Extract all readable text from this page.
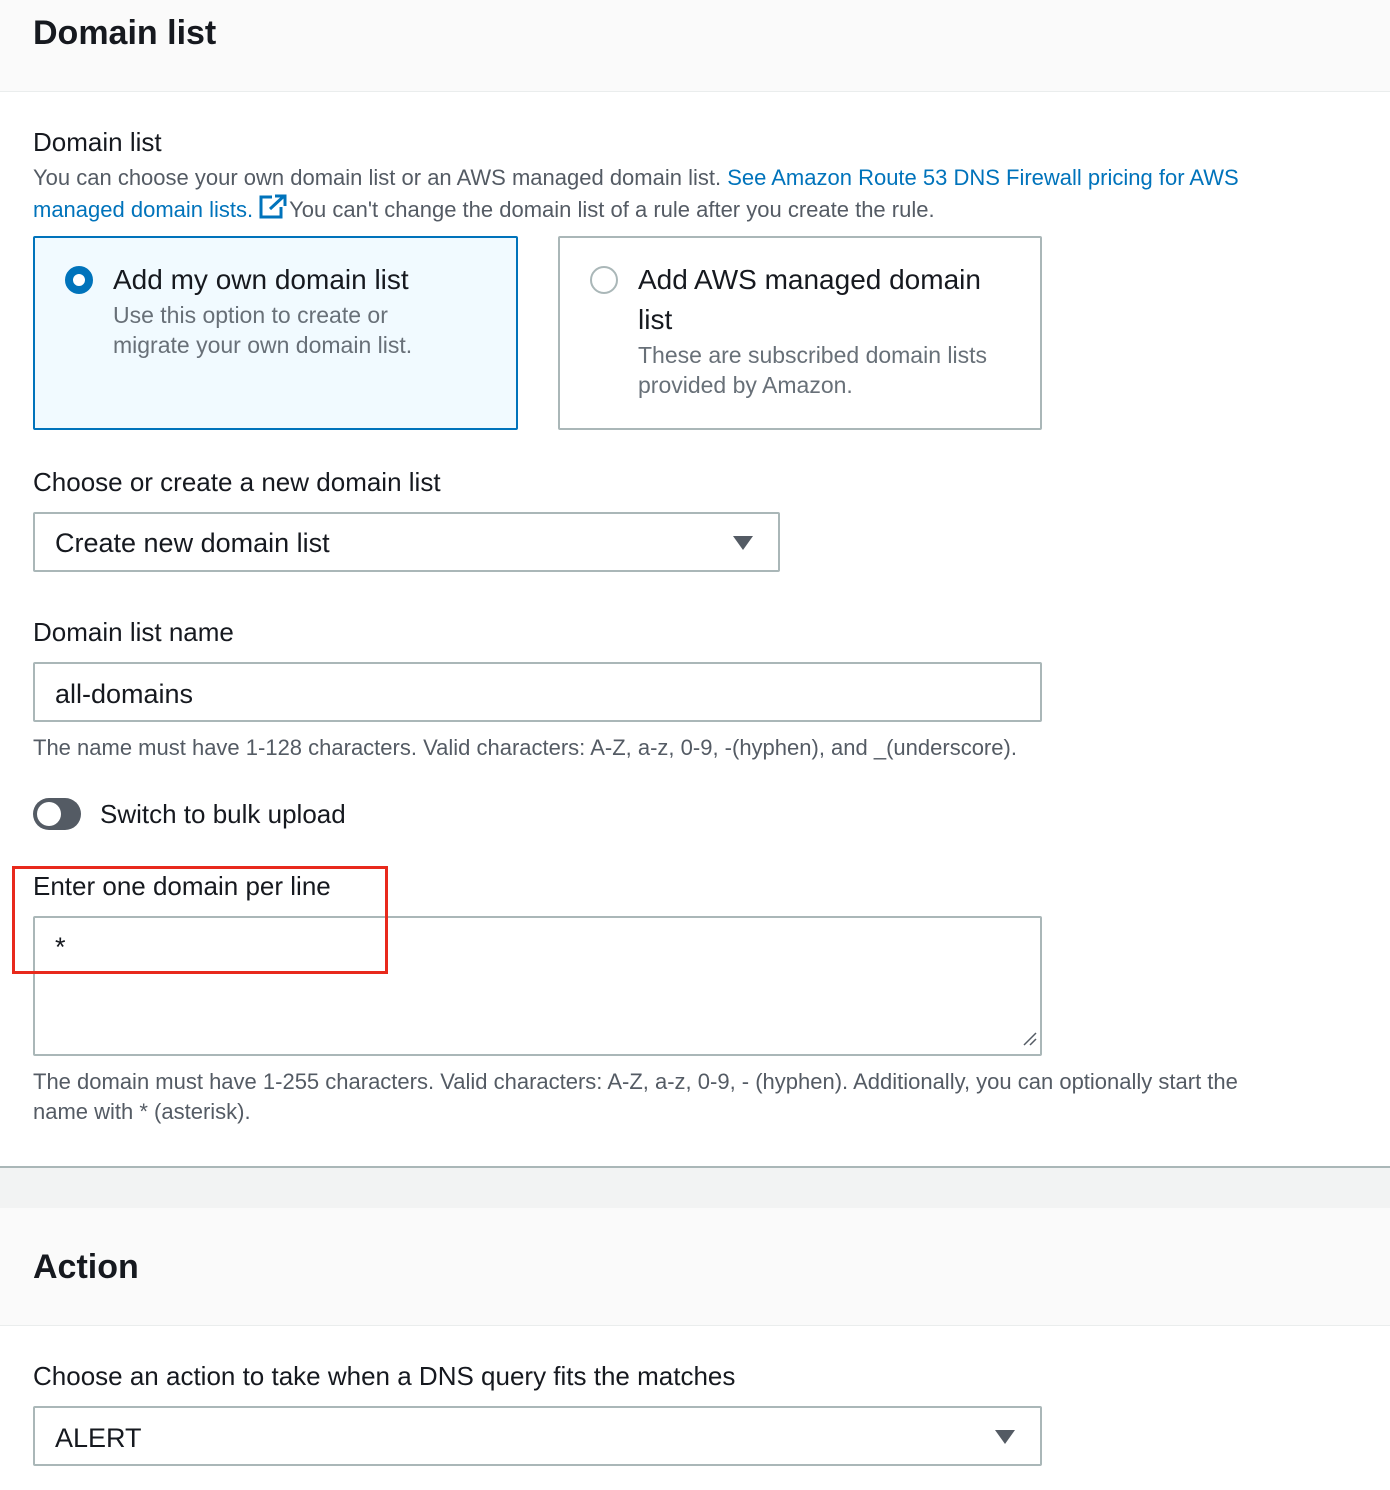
Domain list
Domain list
You can choose your own domain list or an AWS managed domain list. See Amazon Route 53 DNS Firewall pricing for AWS
managed domain lists. You can't change the domain list of a rule after you create the rule.
Add my own domain list
Use this option to create or
migrate your own domain list.
Add AWS managed domain
list
These are subscribed domain lists
provided by Amazon.
Choose or create a new domain list
Create new domain list
Domain list name
all-domains
The name must have 1-128 characters. Valid characters: A-Z, a-z, 0-9, -(hyphen), and _(underscore).
Switch to bulk upload
Enter one domain per line
*
The domain must have 1-255 characters. Valid characters: A-Z, a-z, 0-9, - (hyphen). Additionally, you can optionally start the
name with * (asterisk).
Action
Choose an action to take when a DNS query fits the matches
ALERT
